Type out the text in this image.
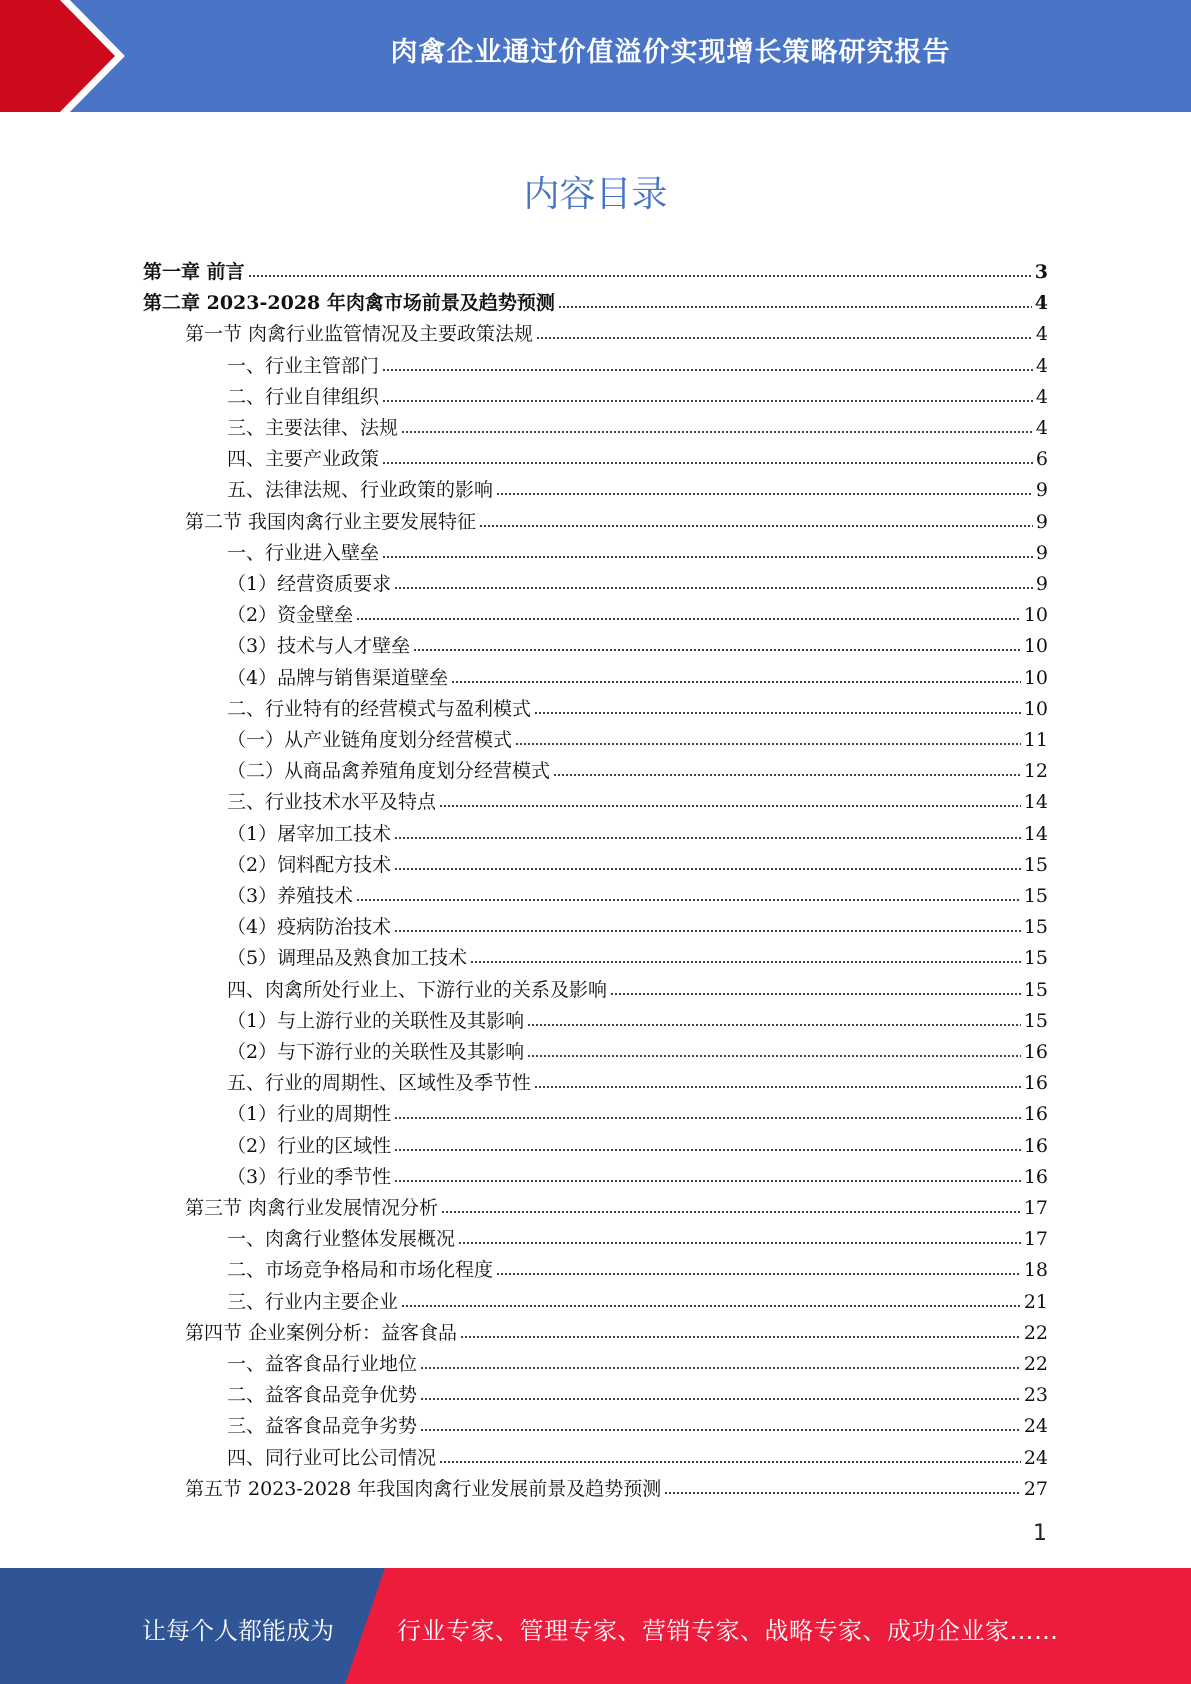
肉禽企业通过价值溢价实现增长策略研究报告
内容目录
第一章 前言	3
第二章 2023-2028 年肉禽市场前景及趋势预测	4
第一节 肉禽行业监管情况及主要政策法规	4
一、行业主管部门	4
二、行业自律组织	4
三、主要法律、法规	4
四、主要产业政策	6
五、法律法规、行业政策的影响	9
第二节 我国肉禽行业主要发展特征	9
一、行业进入壁垒	9
（1）经营资质要求	9
（2）资金壁垒	10
（3）技术与人才壁垒	10
（4）品牌与销售渠道壁垒	10
二、行业特有的经营模式与盈利模式	10
（一）从产业链角度划分经营模式	11
（二）从商品禽养殖角度划分经营模式	12
三、行业技术水平及特点	14
（1）屠宰加工技术	14
（2）饲料配方技术	15
（3）养殖技术	15
（4）疫病防治技术	15
（5）调理品及熟食加工技术	15
四、肉禽所处行业上、下游行业的关系及影响	15
（1）与上游行业的关联性及其影响	15
（2）与下游行业的关联性及其影响	16
五、行业的周期性、区域性及季节性	16
（1）行业的周期性	16
（2）行业的区域性	16
（3）行业的季节性	16
第三节 肉禽行业发展情况分析	17
一、肉禽行业整体发展概况	17
二、市场竞争格局和市场化程度	18
三、行业内主要企业	21
第四节 企业案例分析：益客食品	22
一、益客食品行业地位	22
二、益客食品竞争优势	23
三、益客食品竞争劣势	24
四、同行业可比公司情况	24
第五节 2023-2028 年我国肉禽行业发展前景及趋势预测	27
1
让每个人都能成为	行业专家、管理专家、营销专家、战略专家、成功企业家……
